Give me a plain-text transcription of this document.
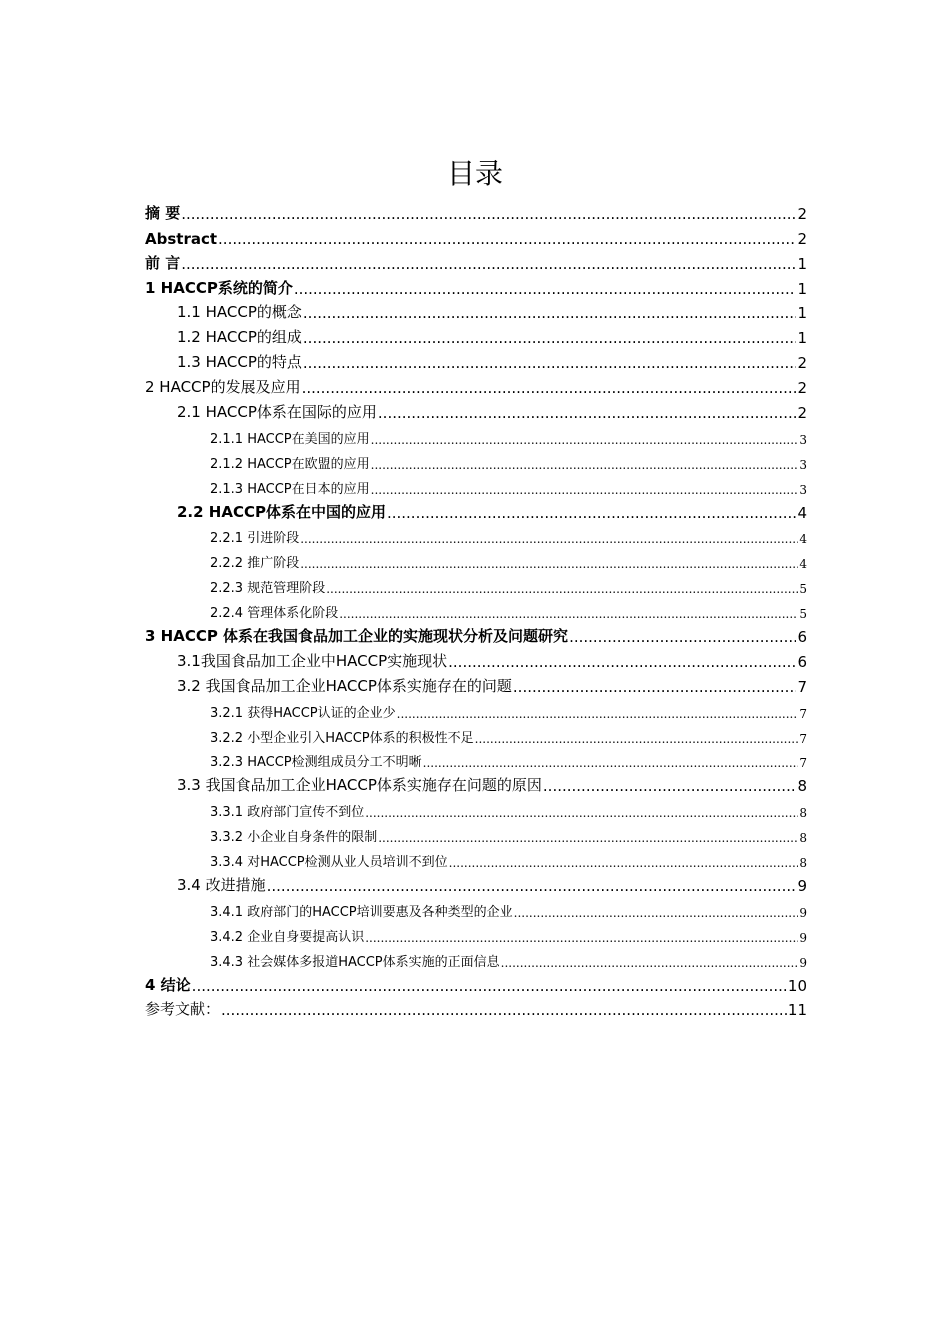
目录
摘 要 .....	2
Abstract .....	2
前 言 .....	1
1 HACCP系统的简介 .....	1
1.1 HACCP的概念 .....	1
1.2 HACCP的组成 .....	1
1.3 HACCP的特点 .....	2
2 HACCP的发展及应用 .....	2
2.1 HACCP体系在国际的应用 .....	2
2.1.1 HACCP在美国的应用 .....	3
2.1.2 HACCP在欧盟的应用 .....	3
2.1.3 HACCP在日本的应用 .....	3
2.2 HACCP体系在中国的应用 .....	4
2.2.1 引进阶段 .....	4
2.2.2 推广阶段 .....	4
2.2.3 规范管理阶段 .....	5
2.2.4 管理体系化阶段 .....	5
3 HACCP 体系在我国食品加工企业的实施现状分析及问题研究 .....	6
3.1我国食品加工企业中HACCP实施现状 .....	6
3.2 我国食品加工企业HACCP体系实施存在的问题 .....	7
3.2.1 获得HACCP认证的企业少 .....	7
3.2.2 小型企业引入HACCP体系的积极性不足 .....	7
3.2.3 HACCP检测组成员分工不明晰 .....	7
3.3 我国食品加工企业HACCP体系实施存在问题的原因 .....	8
3.3.1 政府部门宣传不到位 .....	8
3.3.2 小企业自身条件的限制 .....	8
3.3.4 对HACCP检测从业人员培训不到位 .....	8
3.4 改进措施 .....	9
3.4.1 政府部门的HACCP培训要惠及各种类型的企业 .....	9
3.4.2 企业自身要提高认识 .....	9
3.4.3 社会媒体多报道HACCP体系实施的正面信息 .....	9
4 结论 .....	10
参考文献： .....	11
